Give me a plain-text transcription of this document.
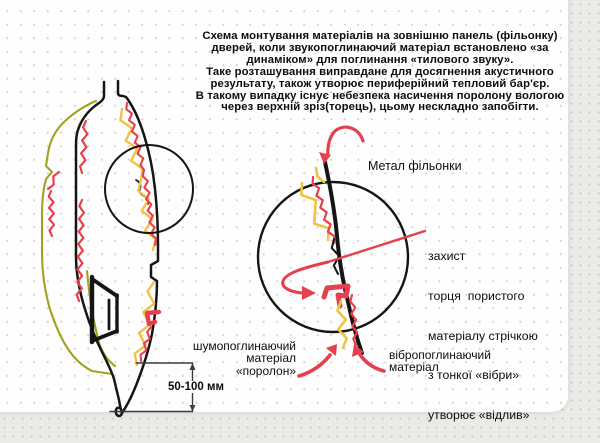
Схема монтування матеріалів на зовнішню панель (фільонку)
дверей, коли звукопоглинаючий матеріал встановлено «за
динаміком» для поглинання «тилового звуку».
Таке розташування виправдане для досягнення акустичного
результату, також утворює периферійний тепловий бар'єр.
В такому випадку існує небезпека насичення поролону вологою
через верхній зріз(торець), цьому нескладно запобігти.
Метал фільонки

захист

торця  пористого

матеріалу стрічкою

з тонкої «вібри»

утворює «відлив»

шумопоглинаючий
матеріал
«поролон»
вібропоглинаючий
матеріал
50-100 мм
